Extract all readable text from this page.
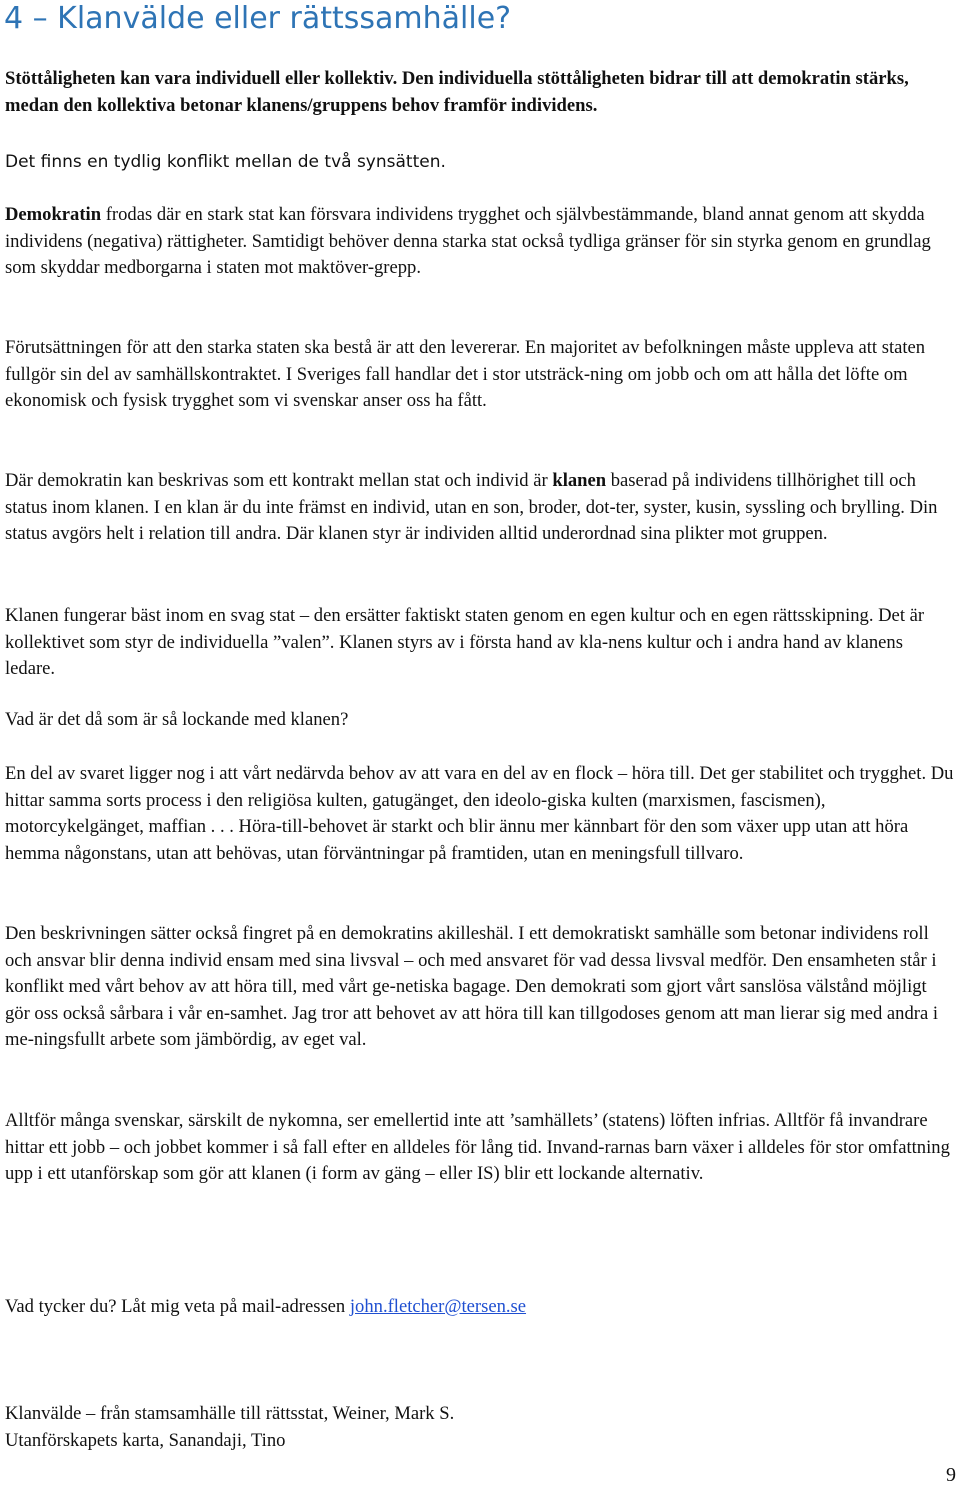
4 – Klanvälde eller rättssamhälle?

Stöttåligheten kan vara individuell eller kollektiv. Den individuella stöttåligheten bidrar till att demokratin stärks, medan den kollektiva betonar klanens/gruppens behov framför individens.

Det finns en tydlig konflikt mellan de två synsätten.

Demokratin frodas där en stark stat kan försvara individens trygghet och självbestämmande, bland annat genom att skydda individens (negativa) rättigheter. Samtidigt behöver denna starka stat också tydliga gränser för sin styrka genom en grundlag som skyddar medborgarna i staten mot maktöver-grepp.

Förutsättningen för att den starka staten ska bestå är att den levererar. En majoritet av befolkningen måste uppleva att staten fullgör sin del av samhällskontraktet. I Sveriges fall handlar det i stor utsträck-ning om jobb och om att hålla det löfte om ekonomisk och fysisk trygghet som vi svenskar anser oss ha fått.

Där demokratin kan beskrivas som ett kontrakt mellan stat och individ är klanen baserad på individens tillhörighet till och status inom klanen. I en klan är du inte främst en individ, utan en son, broder, dot-ter, syster, kusin, syssling och brylling. Din status avgörs helt i relation till andra. Där klanen styr är individen alltid underordnad sina plikter mot gruppen.

Klanen fungerar bäst inom en svag stat – den ersätter faktiskt staten genom en egen kultur och en egen rättsskipning. Det är kollektivet som styr de individuella ”valen”. Klanen styrs av i första hand av kla-nens kultur och i andra hand av klanens ledare.

Vad är det då som är så lockande med klanen?

En del av svaret ligger nog i att vårt nedärvda behov av att vara en del av en flock – höra till. Det ger stabilitet och trygghet. Du hittar samma sorts process i den religiösa kulten, gatugänget, den ideolo-giska kulten (marxismen, fascismen), motorcykelgänget, maffian . . . Höra-till-behovet är starkt och blir ännu mer kännbart för den som växer upp utan att höra hemma någonstans, utan att behövas, utan förväntningar på framtiden, utan en meningsfull tillvaro.

Den beskrivningen sätter också fingret på en demokratins akilleshäl. I ett demokratiskt samhälle som betonar individens roll och ansvar blir denna individ ensam med sina livsval – och med ansvaret för vad dessa livsval medför. Den ensamheten står i konflikt med vårt behov av att höra till, med vårt ge-netiska bagage. Den demokrati som gjort vårt sanslösa välstånd möjligt gör oss också sårbara i vår en-samhet. Jag tror att behovet av att höra till kan tillgodoses genom att man lierar sig med andra i me-ningsfullt arbete som jämbördig, av eget val.

Alltför många svenskar, särskilt de nykomna, ser emellertid inte att ’samhällets’ (statens) löften infrias. Alltför få invandrare hittar ett jobb – och jobbet kommer i så fall efter en alldeles för lång tid. Invand-rarnas barn växer i alldeles för stor omfattning upp i ett utanförskap som gör att klanen (i form av gäng – eller IS) blir ett lockande alternativ.

Vad tycker du? Låt mig veta på mail-adressen john.fletcher@tersen.se

Klanvälde – från stamsamhälle till rättsstat, Weiner, Mark S.

Utanförskapets karta, Sanandaji, Tino

9
